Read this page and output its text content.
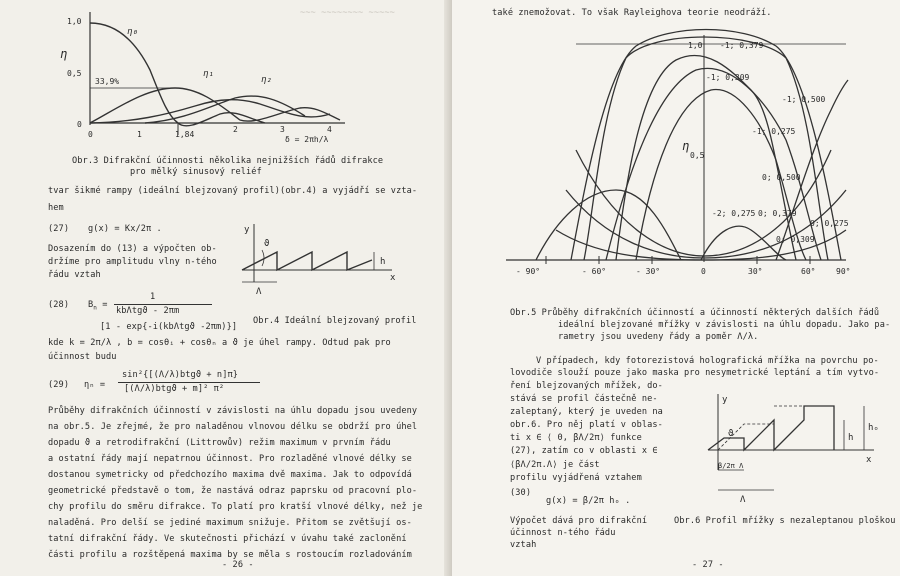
~~~ ~~~~~~~~ ~~~~~
1,0
0,5
0
η
33,9%
η₀
η₁
η₂
0	1	1,84
2	3	4
δ = 2πh/λ
Obr.3 Difrakční účinnosti několika nejnižších řádů difrakce
pro mělký sinusový reliéf
tvar šikmé rampy (ideální blejzovaný profil)(obr.4) a vyjádří se vzta-
hem
(27) g(x) = Kx/2π .
Dosazením do (13) a výpočten ob-
držíme pro amplitudu vlny n-tého
řádu vztah
y
x
h
ϑ
Λ
(28) $B_n$ =
1
kbΛtgϑ - 2πm
[1 - exp{-i(kbΛtgϑ -2πm)}]
Obr.4 Ideální blejzovaný profil
kde k = 2π/λ , b = cosθᵢ + cosθₙ a ϑ je úhel rampy. Odtud pak pro
účinnost budu
(29) ηₙ =
sin²{[(Λ/λ)btgϑ + n]π}
[(Λ/λ)btgϑ + m]² π²
Průběhy difrakčních účinností v závislosti na úhlu dopadu jsou uvedeny
na obr.5. Je zřejmé, že pro naladěnou vlnovou délku se obdrží pro úhel
dopadu ϑ a retrodifrakční (Littrowův) režim maximum v prvním řádu
a ostatní řády mají nepatrnou účinnost. Pro rozladěné vlnové délky se
dostanou symetricky od předchozího maxima dvě maxima. Jak to odpovídá
geometrické představě o tom, že nastává odraz paprsku od pracovní plo-
chy profilu do směru difrakce. To platí pro kratší vlnové délky, než je
naladěná. Pro delší se jediné maximum snižuje. Přitom se zvětšují os-
tatní difrakční řády. Ve skutečnosti přichází v úvahu také zaclonění
části profilu a rozštěpená maxima by se měla s rostoucím rozladováním
- 26 -
také znemožovat. To však Rayleighova teorie neodráží.
1,0
0,5
η
-1; 0,379
-1; 0,309
-1; 0,500
-1; 0,275
0; 0,500
-2; 0,275 0; 0,379
0; 0,309
0; 0,275
- 90°	- 60°	- 30°	0	30°	60°	90°
Obr.5 Průběhy difrakčních účinností a účinností některých dalších řádů
ideální blejzované mřížky v závislosti na úhlu dopadu. Jako pa-
rametry jsou uvedeny řády a poměr Λ/λ.
V případech, kdy fotorezistová holografická mřížka na povrchu po-
lovodiče slouží pouze jako maska pro nesymetrické leptání a tím vytvo-
ření blejzovaných mřížek, do-
stává se profil částečně ne-
zaleptaný, který je uveden na
obr.6. Pro něj platí v oblas-
ti x ∈ ⟨ 0, βΛ/2π⟩ funkce
(27), zatím co v oblasti x ∈
⟨βΛ/2π.Λ⟩ je část
profilu vyjádřená vztahem
(30)
g(x) = β/2π hₒ .
y
x
h
hₒ
ϑ
β/2π Λ
Λ
Výpočet dává pro difrakční
účinnost n-tého řádu
vztah
Obr.6 Profil mřížky s nezaleptanou ploškou
- 27 -
